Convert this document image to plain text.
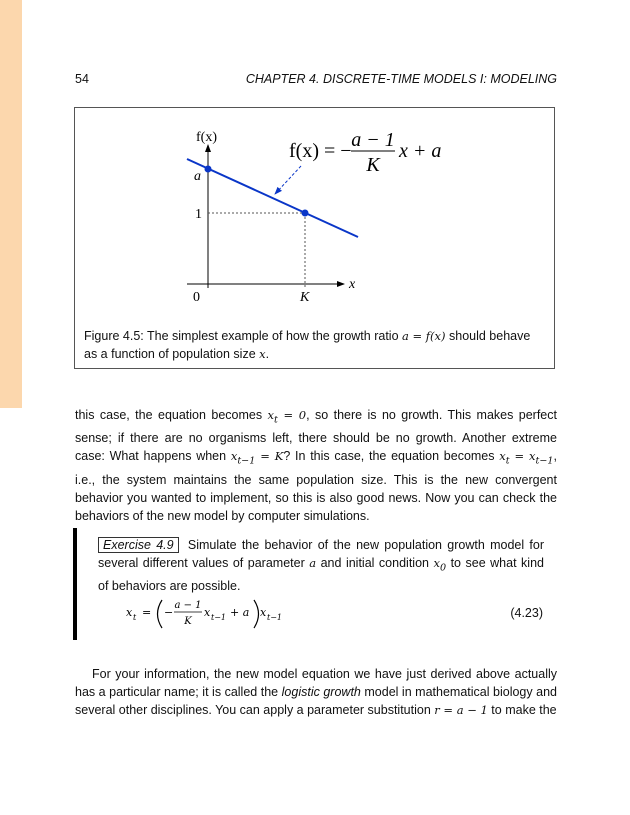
54	CHAPTER 4. DISCRETE-TIME MODELS I: MODELING
f(x)
x
a
1
0	K
f(x) = − a − 1
K
x + a
Figure 4.5: The simplest example of how the growth ratio a = f(x) should behave as a function of population size x.

this case, the equation becomes $x_t = 0$, so there is no growth. This makes perfect sense; if there are no organisms left, there should be no growth. Another extreme case: What happens when $x_{t-1} = K$? In this case, the equation becomes $x_t = x_{t-1}$, i.e., the system maintains the same population size. This is the new convergent behavior you wanted to implement, so this is also good news. Now you can check the behaviors of the new model by computer simulations.

Exercise 4.9 Simulate the behavior of the new population growth model for several different values of parameter a and initial condition $x_0$ to see what kind of behaviors are possible.

x t = −
a − 1
K
x t−1 + a x t−1	(4.23)

For your information, the new model equation we have just derived above actually has a particular name; it is called the logistic growth model in mathematical biology and several other disciplines. You can apply a parameter substitution r = a − 1 to make the
